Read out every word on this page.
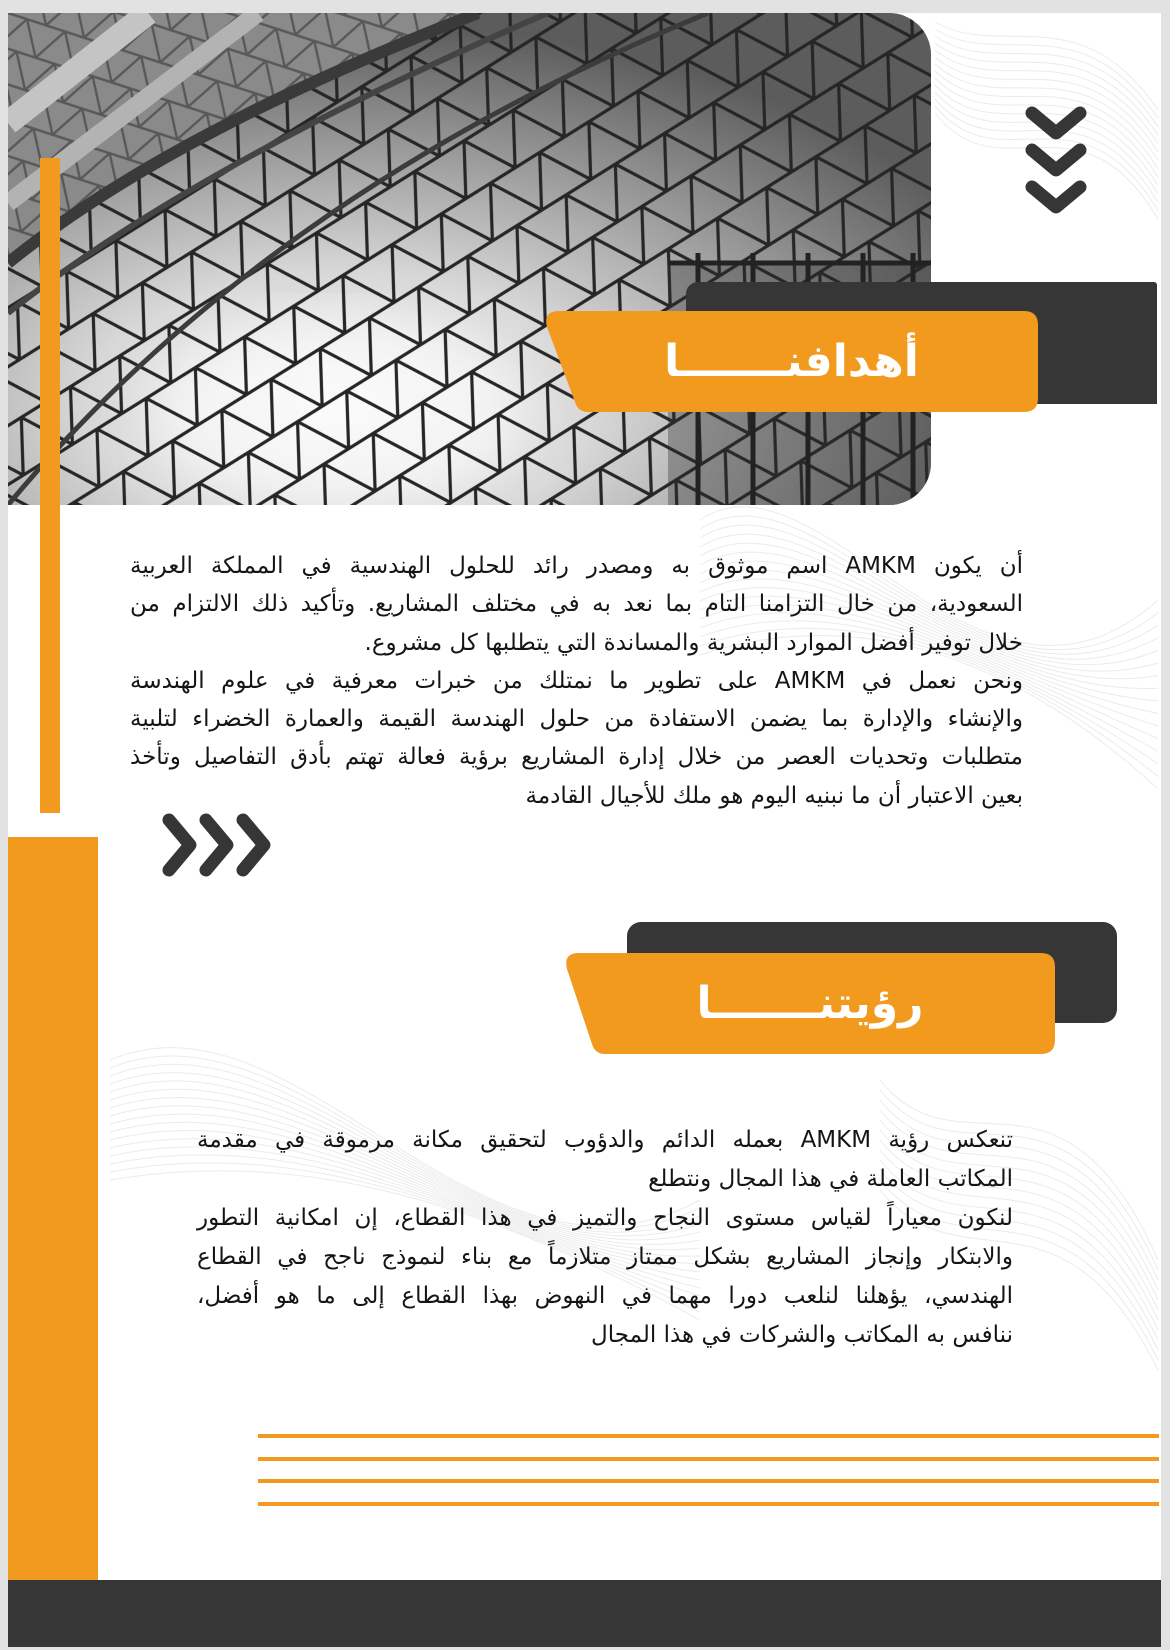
أهدافنـــــــا
أن يكون AMKM اسم موثوق به ومصدر رائد للحلول الهندسية في المملكة العربية
السعودية، من خال التزامنا التام بما نعد به في مختلف المشاريع. وتأكيد ذلك الالتزام من
خلال توفير أفضل الموارد البشرية والمساندة التي يتطلبها كل مشروع.
ونحن نعمل في AMKM على تطوير ما نمتلك من خبرات معرفية في علوم الهندسة
والإنشاء والإدارة بما يضمن الاستفادة من حلول الهندسة القيمة والعمارة الخضراء لتلبية
متطلبات وتحديات العصر من خلال إدارة المشاريع برؤية فعالة تهتم بأدق التفاصيل وتأخذ
بعين الاعتبار أن ما نبنيه اليوم هو ملك للأجيال القادمة
رؤيتنـــــــا
تنعكس رؤية AMKM بعمله الدائم والدؤوب لتحقيق مكانة مرموقة في مقدمة
المكاتب العاملة في هذا المجال ونتطلع
لنكون معياراً لقياس مستوى النجاح والتميز في هذا القطاع، إن امكانية التطور
والابتكار وإنجاز المشاريع بشكل ممتاز متلازماً مع بناء لنموذج ناجح في القطاع
الهندسي، يؤهلنا لنلعب دورا مهما في النهوض بهذا القطاع إلى ما هو أفضل،
ننافس به المكاتب والشركات في هذا المجال
